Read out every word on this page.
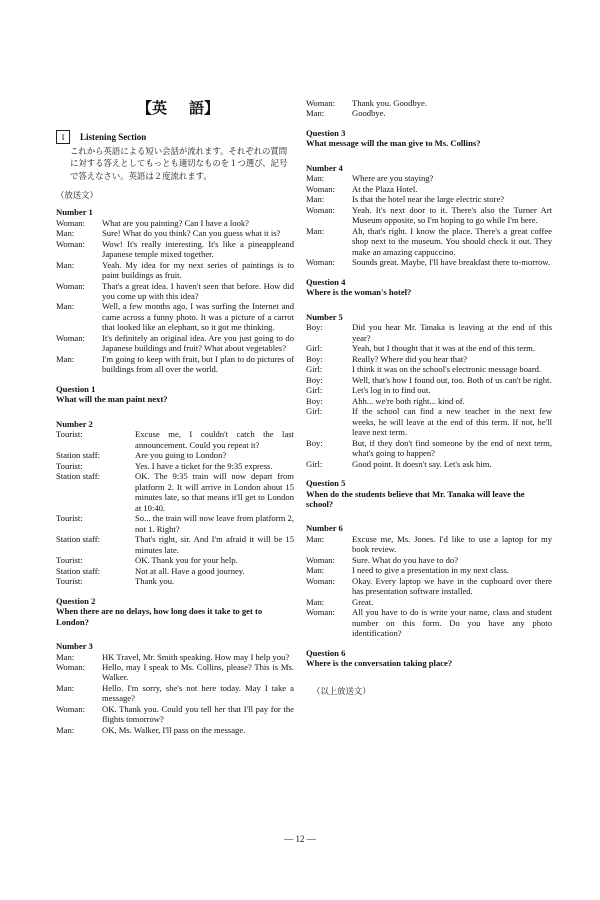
【英 語】
I	Listening Section
これから英語による短い会話が流れます。それぞれの質問に対する答えとしてもっとも適切なものを１つ選び、記号で答えなさい。英語は２度流れます。
（放送文）
Number 1
Woman:	What are you painting? Can I have a look?
Man:	Sure! What do you think? Can you guess what it is?
Woman:	Wow! It's really interesting. It's like a pineappleand Japanese temple mixed together.
Man:	Yeah. My idea for my next series of paintings is to paint buildings as fruit.
Woman:	That's a great idea. I haven't seen that before. How did you come up with this idea?
Man:	Well, a few months ago, I was surfing the Internet and came across a funny photo. It was a picture of a carrot that looked like an elephant, so it got me thinking.
Woman:	It's definitely an original idea. Are you just going to do Japanese buildings and fruit? What about vegetables?
Man:	I'm going to keep with fruit, but I plan to do pictures of buildings from all over the world.
Question 1
What will the man paint next?
Number 2
Tourist:	Excuse me, I couldn't catch the last announcement. Could you repeat it?
Station staff:	Are you going to London?
Tourist:	Yes. I have a ticket for the 9:35 express.
Station staff:	OK. The 9:35 train will now depart from platform 2. It will arrive in London about 15 minutes late, so that means it'll get to London at 10:40.
Tourist:	So... the train will now leave from platform 2, not 1. Right?
Station staff:	That's right, sir. And I'm afraid it will be 15 minutes late.
Tourist:	OK. Thank you for your help.
Station staff:	Not at all. Have a good journey.
Tourist:	Thank you.
Question 2
When there are no delays, how long does it take to get to London?
Number 3
Man:	HK Travel, Mr. Smith speaking. How may I help you?
Woman:	Hello, may I speak to Ms. Collins, please? This is Ms. Walker.
Man:	Hello. I'm sorry, she's not here today. May I take a message?
Woman:	OK. Thank you. Could you tell her that I'll pay for the flights tomorrow?
Man:	OK, Ms. Walker, I'll pass on the message.
Woman:	Thank you. Goodbye.
Man:	Goodbye.
Question 3
What message will the man give to Ms. Collins?
Number 4
Man:	Where are you staying?
Woman:	At the Plaza Hotel.
Man:	Is that the hotel near the large electric store?
Woman:	Yeah. It's next door to it. There's also the Turner Art Museum opposite, so I'm hoping to go while I'm here.
Man:	Ah, that's right. I know the place. There's a great coffee shop next to the museum. You should check it out. They make an amazing cappuccino.
Woman:	Sounds great. Maybe, I'll have breakfast there to-morrow.
Question 4
Where is the woman's hotel?
Number 5
Boy:	Did you hear Mr. Tanaka is leaving at the end of this year?
Girl:	Yeah, but I thought that it was at the end of this term.
Boy:	Really? Where did you hear that?
Girl:	I think it was on the school's electronic message board.
Boy:	Well, that's how I found out, too. Both of us can't be right.
Girl:	Let's log in to find out.
Boy:	Ahh... we're both right... kind of.
Girl:	If the school can find a new teacher in the next few weeks, he will leave at the end of this term. If not, he'll leave next term.
Boy:	But, if they don't find someone by the end of next term, what's going to happen?
Girl:	Good point. It doesn't say. Let's ask him.
Question 5
When do the students believe that Mr. Tanaka will leave the school?
Number 6
Man:	Excuse me, Ms. Jones. I'd like to use a laptop for my book review.
Woman:	Sure. What do you have to do?
Man:	I need to give a presentation in my next class.
Woman:	Okay. Every laptop we have in the cupboard over there has presentation software installed.
Man:	Great.
Woman:	All you have to do is write your name, class and student number on this form. Do you have any photo identification?
Question 6
Where is the conversation taking place?
（以上放送文）
— 12 —
